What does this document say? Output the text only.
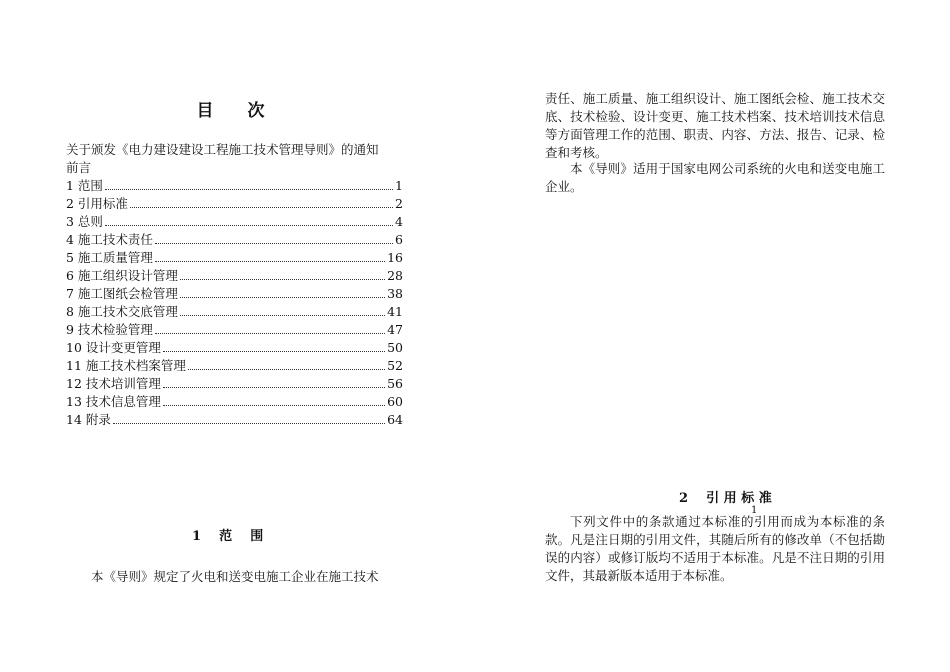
目 次
关于颁发《电力建设建设工程施工技术管理导则》的通知
前言
1 范围	1
2 引用标准	2
3 总则	4
4 施工技术责任	6
5 施工质量管理	16
6 施工组织设计管理	28
7 施工图纸会检管理	38
8 施工技术交底管理	41
9 技术检验管理	47
10 设计变更管理	50
11 施工技术档案管理	52
12 技术培训管理	56
13 技术信息管理	60
14 附录	64
1    范    围

本《导则》规定了火电和送变电施工企业在施工技术

责任、施工质量、施工组织设计、施工图纸会检、施工技术交底、技术检验、设计变更、施工技术档案、技术培训技术信息等方面管理工作的范围、职责、内容、方法、报告、记录、检查和考核。

本《导则》适用于国家电网公司系统的火电和送变电施工企业。

2    引 用 标 准
1

下列文件中的条款通过本标准的引用而成为本标准的条款。凡是注日期的引用文件，其随后所有的修改单（不包括勘误的内容）或修订版均不适用于本标准。凡是不注日期的引用文件，其最新版本适用于本标准。
